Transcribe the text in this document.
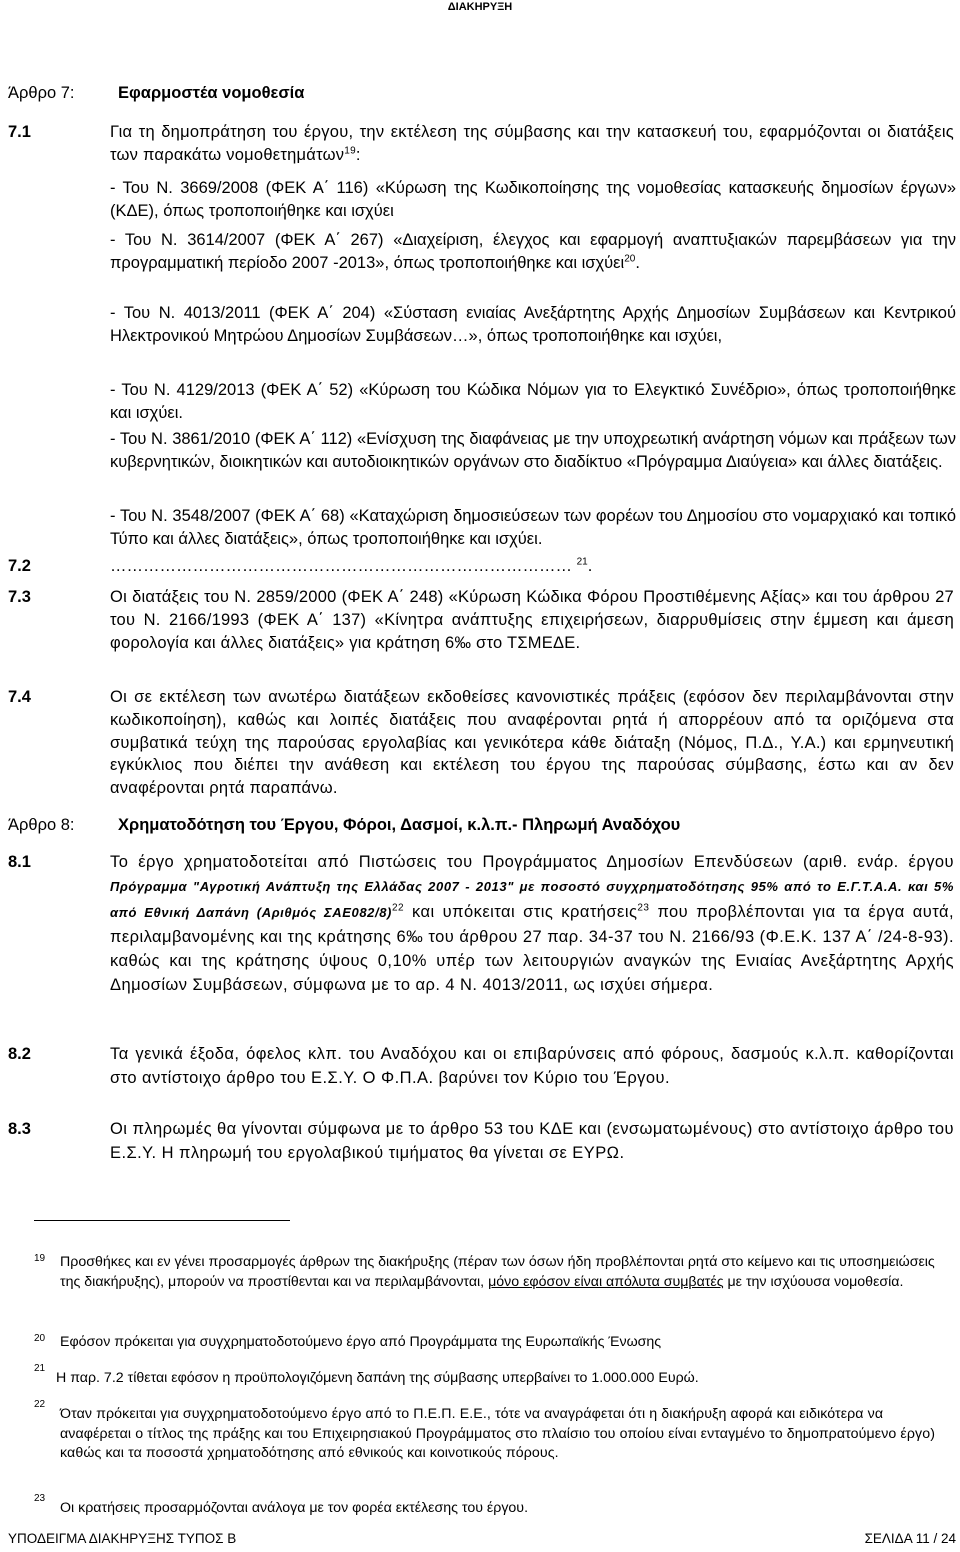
ΔΙΑΚΗΡΥΞΗ
Άρθρο 7:	Εφαρμοστέα νομοθεσία
7.1	Για τη δημοπράτηση του έργου, την εκτέλεση της σύμβασης και την κατασκευή του, εφαρμόζονται οι διατάξεις των παρακάτω νομοθετημάτων$^{19}$:
- Του Ν. 3669/2008 (ΦΕΚ Α΄ 116) «Κύρωση της Κωδικοποίησης της νομοθεσίας κατασκευής δημοσίων έργων» (ΚΔΕ), όπως τροποποιήθηκε και ισχύει
- Του Ν. 3614/2007 (ΦΕΚ Α΄ 267) «Διαχείριση, έλεγχος και εφαρμογή αναπτυξιακών παρεμβάσεων για την προγραμματική περίοδο 2007 -2013», όπως τροποποιήθηκε και ισχύει$^{20}$.
- Του Ν. 4013/2011 (ΦΕΚ Α΄ 204) «Σύσταση ενιαίας Ανεξάρτητης Αρχής Δημοσίων Συμβάσεων και Κεντρικού Ηλεκτρονικού Μητρώου Δημοσίων Συμβάσεων…», όπως τροποποιήθηκε και ισχύει,
- Του Ν. 4129/2013 (ΦΕΚ Α΄ 52) «Κύρωση του Κώδικα Νόμων για το Ελεγκτικό Συνέδριο», όπως τροποποιήθηκε και ισχύει.
- Του Ν. 3861/2010 (ΦΕΚ Α΄ 112) «Ενίσχυση της διαφάνειας με την υποχρεωτική ανάρτηση νόμων και πράξεων των κυβερνητικών, διοικητικών και αυτοδιοικητικών οργάνων στο διαδίκτυο «Πρόγραμμα Διαύγεια» και άλλες διατάξεις.
- Του Ν. 3548/2007 (ΦΕΚ Α΄ 68) «Καταχώριση δημοσιεύσεων των φορέων του Δημοσίου στο νομαρχιακό και τοπικό Τύπο και άλλες διατάξεις», όπως τροποποιήθηκε και ισχύει.
7.2	………………………………………………………………………… $^{21}$.
7.3	Οι διατάξεις του Ν. 2859/2000 (ΦΕΚ Α΄ 248) «Κύρωση Κώδικα Φόρου Προστιθέμενης Αξίας» και του άρθρου 27 του Ν. 2166/1993 (ΦΕΚ Α΄ 137) «Κίνητρα ανάπτυξης επιχειρήσεων, διαρρυθμίσεις στην έμμεση και άμεση φορολογία και άλλες διατάξεις» για κράτηση 6‰ στο ΤΣΜΕΔΕ.
7.4	Οι σε εκτέλεση των ανωτέρω διατάξεων εκδοθείσες κανονιστικές πράξεις (εφόσον δεν περιλαμβάνονται στην κωδικοποίηση), καθώς και λοιπές διατάξεις που αναφέρονται ρητά ή απορρέουν από τα οριζόμενα στα συμβατικά τεύχη της παρούσας εργολαβίας και γενικότερα κάθε διάταξη (Νόμος, Π.Δ., Υ.Α.) και ερμηνευτική εγκύκλιος που διέπει την ανάθεση και εκτέλεση του έργου της παρούσας σύμβασης, έστω και αν δεν αναφέρονται ρητά παραπάνω.
Άρθρο 8:	Χρηματοδότηση του Έργου, Φόροι, Δασμοί, κ.λ.π.- Πληρωμή Αναδόχου
8.1	Το έργο χρηματοδοτείται από Πιστώσεις του Προγράμματος Δημοσίων Επενδύσεων (αριθ. ενάρ. έργου Πρόγραμμα "Αγροτική Ανάπτυξη της Ελλάδας 2007 - 2013" με ποσοστό συγχρηματοδότησης 95% από το Ε.Γ.Τ.Α.Α. και 5% από Εθνική Δαπάνη (Αριθμός ΣΑΕ082/8)$^{22}$ και υπόκειται στις κρατήσεις$^{23}$ που προβλέπονται για τα έργα αυτά, περιλαμβανομένης και της κράτησης 6‰ του άρθρου 27 παρ. 34-37 του Ν. 2166/93 (Φ.Ε.Κ. 137 Α΄ /24-8-93). καθώς και της κράτησης ύψους 0,10% υπέρ των λειτουργιών αναγκών της Ενιαίας Ανεξάρτητης Αρχής Δημοσίων Συμβάσεων, σύμφωνα με το αρ. 4 Ν. 4013/2011, ως ισχύει σήμερα.
8.2	Τα γενικά έξοδα, όφελος κλπ. του Αναδόχου και οι επιβαρύνσεις από φόρους, δασμούς κ.λ.π. καθορίζονται στο αντίστοιχο άρθρο του Ε.Σ.Υ. Ο Φ.Π.Α. βαρύνει τον Κύριο του Έργου.
8.3	Οι πληρωμές θα γίνονται σύμφωνα με το άρθρο 53 του ΚΔΕ και (ενσωματωμένους) στο αντίστοιχο άρθρο του Ε.Σ.Υ. Η πληρωμή του εργολαβικού τιμήματος θα γίνεται σε ΕΥΡΩ.
19	Προσθήκες και εν γένει προσαρμογές άρθρων της διακήρυξης (πέραν των όσων ήδη προβλέπονται ρητά στο κείμενο και τις υποσημειώσεις της διακήρυξης), μπορούν να προστίθενται και να περιλαμβάνονται, μόνο εφόσον είναι απόλυτα συμβατές με την ισχύουσα νομοθεσία.
20	Εφόσον πρόκειται για συγχρηματοδοτούμενο έργο από Προγράμματα της Ευρωπαϊκής Ένωσης
21
Η παρ. 7.2 τίθεται εφόσον η προϋπολογιζόμενη δαπάνη της σύμβασης υπερβαίνει το 1.000.000 Ευρώ.
22
Όταν πρόκειται για συγχρηματοδοτούμενο έργο από το Π.Ε.Π. Ε.Ε., τότε να αναγράφεται ότι η διακήρυξη αφορά και ειδικότερα να αναφέρεται ο τίτλος της πράξης και του Επιχειρησιακού Προγράμματος στο πλαίσιο του οποίου είναι ενταγμένο το δημοπρατούμενο έργο) καθώς και τα ποσοστά χρηματοδότησης από εθνικούς και κοινοτικούς πόρους.
23
Οι κρατήσεις προσαρμόζονται ανάλογα με τον φορέα εκτέλεσης του έργου.
ΥΠΟΔΕΙΓΜΑ ΔΙΑΚΗΡΥΞΗΣ ΤΥΠΟΣ Β	ΣΕΛΙΔΑ 11 / 24
